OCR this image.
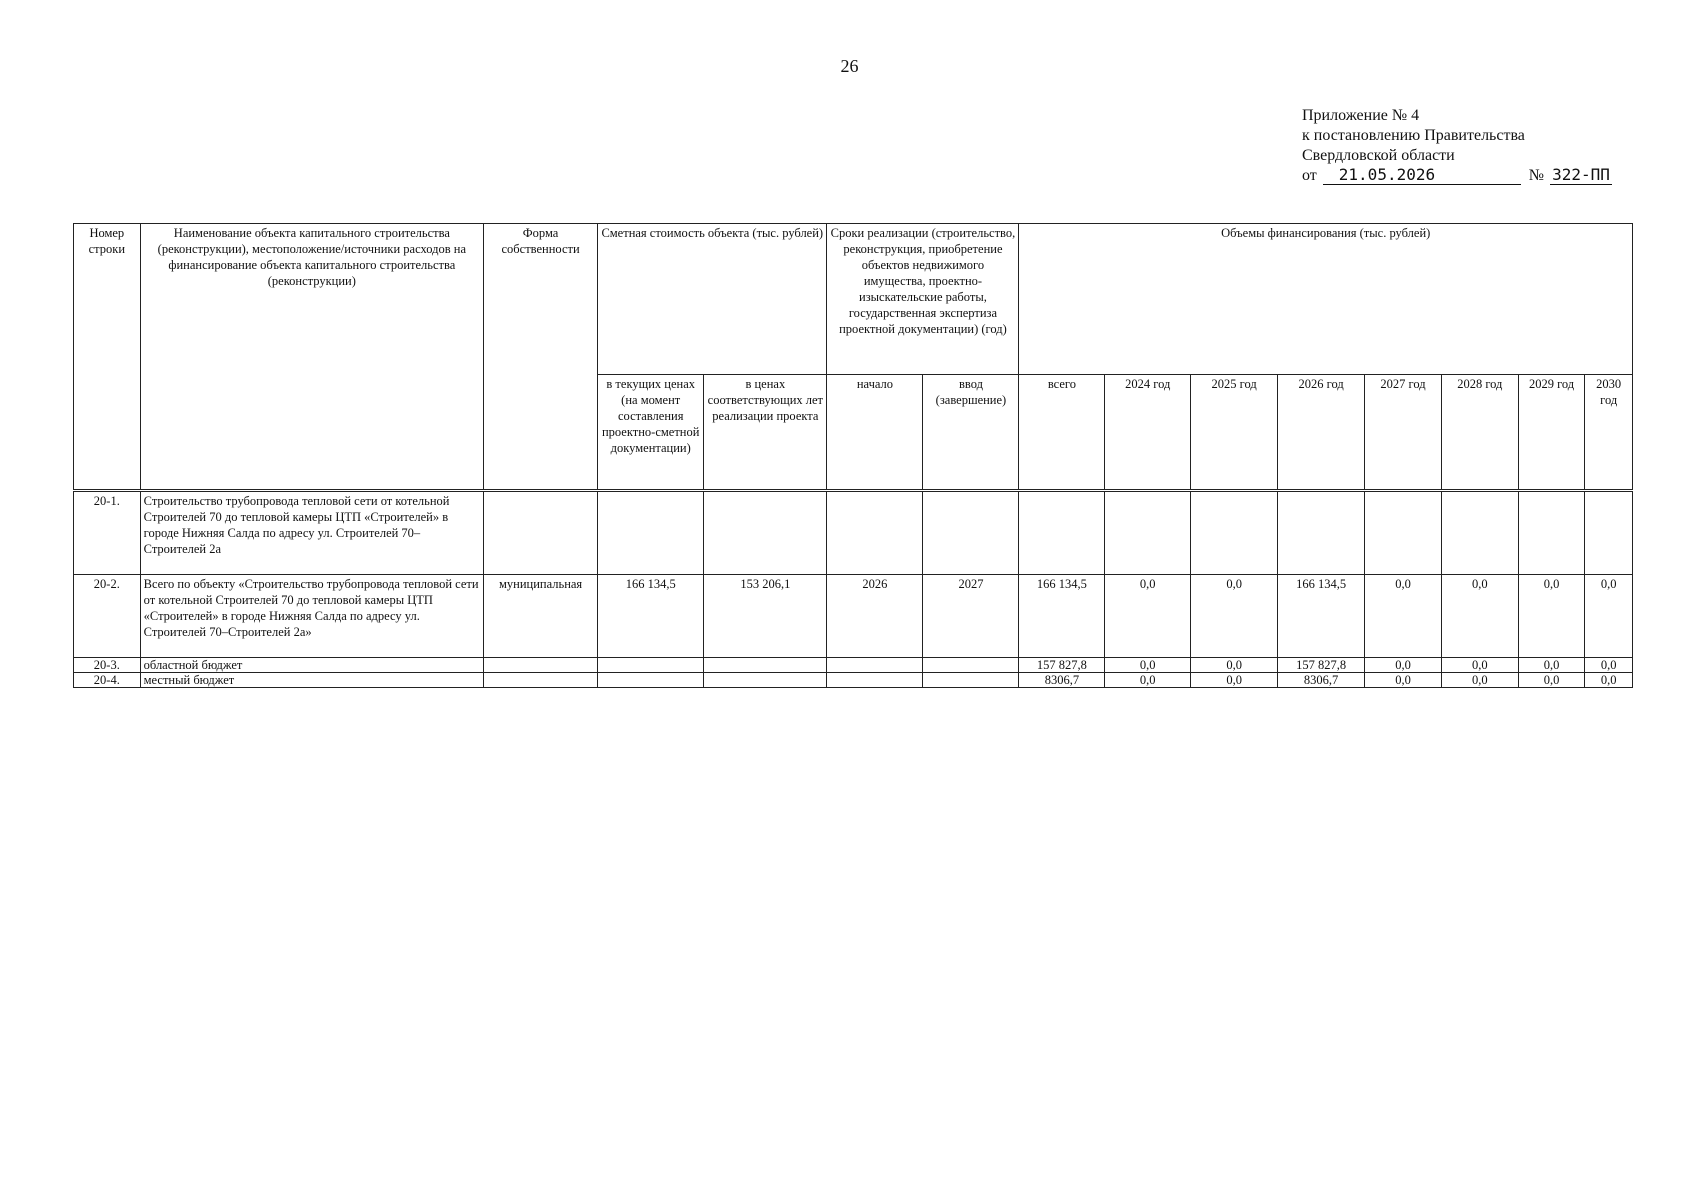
26
Приложение № 4
к постановлению Правительства
Свердловской области
от 21.05.2026	№ 322-ПП
Номер строки	Наименование объекта капитального строительства (реконструкции), местоположение/источники расходов на финансирование объекта капитального строительства (реконструкции)	Форма собственности	Сметная стоимость объекта (тыс. рублей)		Сроки реализации (строительство, реконструкция, приобретение объектов недвижимого имущества, проектно-изыскательские работы, государственная экспертиза проектной документации) (год)		Объемы финансирования (тыс. рублей)							
			в текущих ценах (на момент составления проектно-сметной документации)	в ценах соответствующих лет реализации проекта	начало	ввод (завершение)	всего	2024 год	2025 год	2026 год	2027 год	2028 год	2029 год	2030 год
20-1.	Строительство трубопровода тепловой сети от котельной Строителей 70 до тепловой камеры ЦТП «Строителей» в городе Нижняя Салда по адресу ул. Строителей 70–Строителей 2а													
20-2.	Всего по объекту «Строительство трубопровода тепловой сети от котельной Строителей 70 до тепловой камеры ЦТП «Строителей» в городе Нижняя Салда по адресу ул. Строителей 70–Строителей 2а»	муниципальная	166 134,5	153 206,1	2026	2027	166 134,5	0,0	0,0	166 134,5	0,0	0,0	0,0	0,0
20-3.	областной бюджет						157 827,8	0,0	0,0	157 827,8	0,0	0,0	0,0	0,0
20-4.	местный бюджет						8306,7	0,0	0,0	8306,7	0,0	0,0	0,0	0,0
